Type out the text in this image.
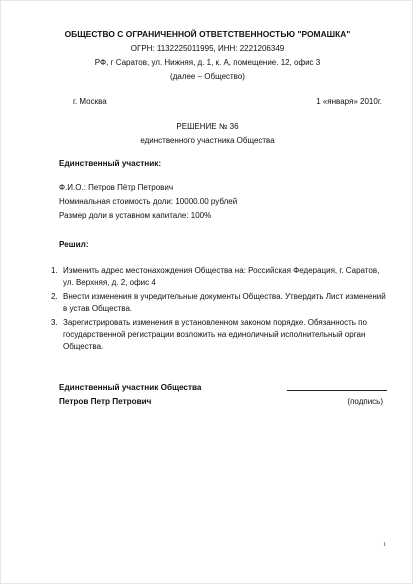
ОБЩЕСТВО С ОГРАНИЧЕННОЙ ОТВЕТСТВЕННОСТЬЮ "РОМАШКА"
ОГРН: 1132225011995, ИНН: 2221206349
РФ, г Саратов, ул. Нижняя, д. 1, к. А, помещение. 12, офис 3
(далее – Общество)
г. Москва	1 «января» 2010г.
РЕШЕНИЕ № 36
единственного участника Общества
Единственный участник:
Ф.И.О.: Петров Пётр Петрович
Номинальная стоимость доли: 10000.00 рублей
Размер доли в уставном капитале: 100%
Решил:
1. Изменить адрес местонахождения Общества на: Российская Федерация, г. Саратов, ул. Верхняя, д. 2, офис 4
2. Внести изменения в учредительные документы Общества. Утвердить Лист изменений в устав Общества.
3. Зарегистрировать изменения в установленном законом порядке. Обязанность по государственной регистрации возложить на единоличный исполнительный орган Общества.
Единственный участник Общества
Петров Петр Петрович	(подпись)
1
